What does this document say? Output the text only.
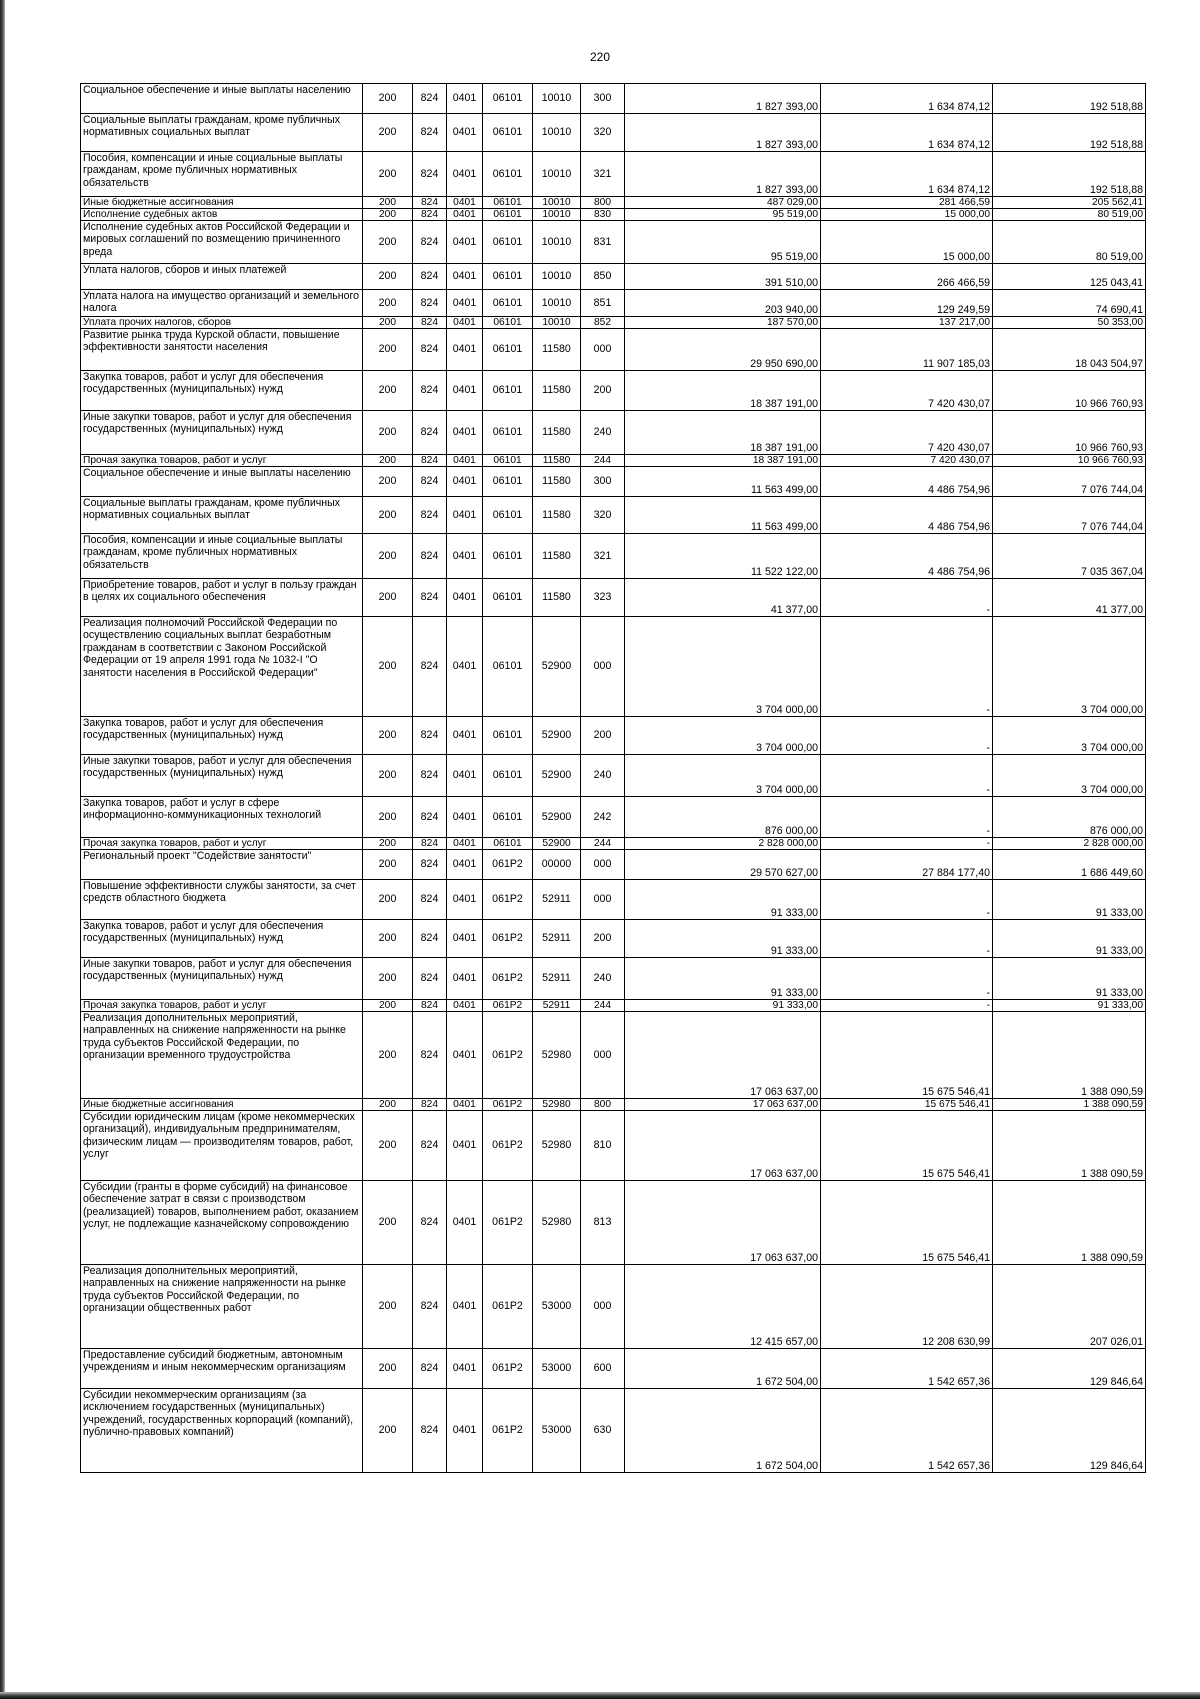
220
Социальное обеспечение и иные выплаты населению	200	824	0401	06101	10010	300	1 827 393,00	1 634 874,12	192 518,88
Социальные выплаты гражданам, кроме публичных нормативных социальных выплат	200	824	0401	06101	10010	320	1 827 393,00	1 634 874,12	192 518,88
Пособия, компенсации и иные социальные выплаты гражданам, кроме публичных нормативных обязательств	200	824	0401	06101	10010	321	1 827 393,00	1 634 874,12	192 518,88
Иные бюджетные ассигнования	200	824	0401	06101	10010	800	487 029,00	281 466,59	205 562,41
Исполнение судебных актов	200	824	0401	06101	10010	830	95 519,00	15 000,00	80 519,00
Исполнение судебных актов Российской Федерации и мировых соглашений по возмещению причиненного вреда	200	824	0401	06101	10010	831	95 519,00	15 000,00	80 519,00
Уплата налогов, сборов и иных платежей	200	824	0401	06101	10010	850	391 510,00	266 466,59	125 043,41
Уплата налога на имущество организаций и земельного налога	200	824	0401	06101	10010	851	203 940,00	129 249,59	74 690,41
Уплата прочих налогов, сборов	200	824	0401	06101	10010	852	187 570,00	137 217,00	50 353,00
Развитие рынка труда Курской области, повышение эффективности занятости населения	200	824	0401	06101	11580	000	29 950 690,00	11 907 185,03	18 043 504,97
Закупка товаров, работ и услуг для обеспечения государственных (муниципальных) нужд	200	824	0401	06101	11580	200	18 387 191,00	7 420 430,07	10 966 760,93
Иные закупки товаров, работ и услуг для обеспечения государственных (муниципальных) нужд	200	824	0401	06101	11580	240	18 387 191,00	7 420 430,07	10 966 760,93
Прочая закупка товаров, работ и услуг	200	824	0401	06101	11580	244	18 387 191,00	7 420 430,07	10 966 760,93
Социальное обеспечение и иные выплаты населению	200	824	0401	06101	11580	300	11 563 499,00	4 486 754,96	7 076 744,04
Социальные выплаты гражданам, кроме публичных нормативных социальных выплат	200	824	0401	06101	11580	320	11 563 499,00	4 486 754,96	7 076 744,04
Пособия, компенсации и иные социальные выплаты гражданам, кроме публичных нормативных обязательств	200	824	0401	06101	11580	321	11 522 122,00	4 486 754,96	7 035 367,04
Приобретение товаров, работ и услуг в пользу граждан в целях их социального обеспечения	200	824	0401	06101	11580	323	41 377,00	-	41 377,00
Реализация полномочий Российской Федерации по осуществлению социальных выплат безработным гражданам в соответствии с Законом Российской Федерации от 19 апреля 1991 года № 1032-I "О занятости населения в Российской Федерации"	200	824	0401	06101	52900	000	3 704 000,00	-	3 704 000,00
Закупка товаров, работ и услуг для обеспечения государственных (муниципальных) нужд	200	824	0401	06101	52900	200	3 704 000,00	-	3 704 000,00
Иные закупки товаров, работ и услуг для обеспечения государственных (муниципальных) нужд	200	824	0401	06101	52900	240	3 704 000,00	-	3 704 000,00
Закупка товаров, работ и услуг в сфере информационно-коммуникационных технологий	200	824	0401	06101	52900	242	876 000,00	-	876 000,00
Прочая закупка товаров, работ и услуг	200	824	0401	06101	52900	244	2 828 000,00	-	2 828 000,00
Региональный проект "Содействие занятости"	200	824	0401	061P2	00000	000	29 570 627,00	27 884 177,40	1 686 449,60
Повышение эффективности службы занятости, за счет средств областного бюджета	200	824	0401	061P2	52911	000	91 333,00	-	91 333,00
Закупка товаров, работ и услуг для обеспечения государственных (муниципальных) нужд	200	824	0401	061P2	52911	200	91 333,00	-	91 333,00
Иные закупки товаров, работ и услуг для обеспечения государственных (муниципальных) нужд	200	824	0401	061P2	52911	240	91 333,00	-	91 333,00
Прочая закупка товаров, работ и услуг	200	824	0401	061P2	52911	244	91 333,00	-	91 333,00
Реализация дополнительных мероприятий, направленных на снижение напряженности на рынке труда субъектов Российской Федерации, по организации временного трудоустройства	200	824	0401	061P2	52980	000	17 063 637,00	15 675 546,41	1 388 090,59
Иные бюджетные ассигнования	200	824	0401	061P2	52980	800	17 063 637,00	15 675 546,41	1 388 090,59
Субсидии юридическим лицам (кроме некоммерческих организаций), индивидуальным предпринимателям, физическим лицам — производителям товаров, работ, услуг	200	824	0401	061P2	52980	810	17 063 637,00	15 675 546,41	1 388 090,59
Субсидии (гранты в форме субсидий) на финансовое обеспечение затрат в связи с производством (реализацией) товаров, выполнением работ, оказанием услуг, не подлежащие казначейскому сопровождению	200	824	0401	061P2	52980	813	17 063 637,00	15 675 546,41	1 388 090,59
Реализация дополнительных мероприятий, направленных на снижение напряженности на рынке труда субъектов Российской Федерации, по организации общественных работ	200	824	0401	061P2	53000	000	12 415 657,00	12 208 630,99	207 026,01
Предоставление субсидий бюджетным, автономным учреждениям и иным некоммерческим организациям	200	824	0401	061P2	53000	600	1 672 504,00	1 542 657,36	129 846,64
Субсидии некоммерческим организациям (за исключением государственных (муниципальных) учреждений, государственных корпораций (компаний), публично-правовых компаний)	200	824	0401	061P2	53000	630	1 672 504,00	1 542 657,36	129 846,64
